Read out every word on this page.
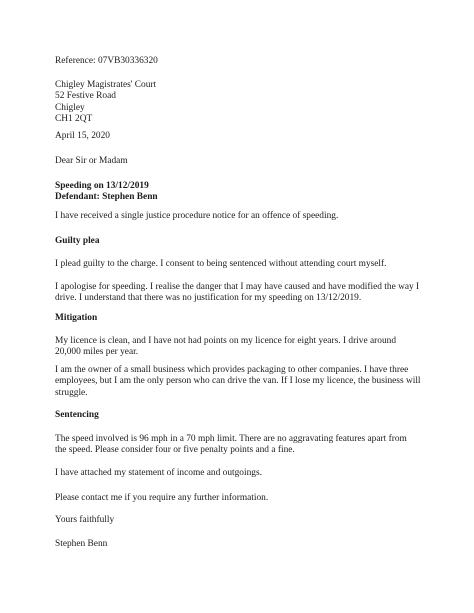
Reference: 07VB30336320

Chigley Magistrates' Court
52 Festive Road
Chigley
CH1 2QT

April 15, 2020

Dear Sir or Madam

Speeding on 13/12/2019
Defendant: Stephen Benn

I have received a single justice procedure notice for an offence of speeding.

Guilty plea

I plead guilty to the charge. I consent to being sentenced without attending court myself.

I apologise for speeding. I realise the danger that I may have caused and have modified the way I
drive. I understand that there was no justification for my speeding on 13/12/2019.

Mitigation

My licence is clean, and I have not had points on my licence for eight years. I drive around
20,000 miles per year.

I am the owner of a small business which provides packaging to other companies. I have three
employees, but I am the only person who can drive the van. If I lose my licence, the business will
struggle.

Sentencing

The speed involved is 96 mph in a 70 mph limit. There are no aggravating features apart from
the speed. Please consider four or five penalty points and a fine.

I have attached my statement of income and outgoings.

Please contact me if you require any further information.

Yours faithfully

Stephen Benn
